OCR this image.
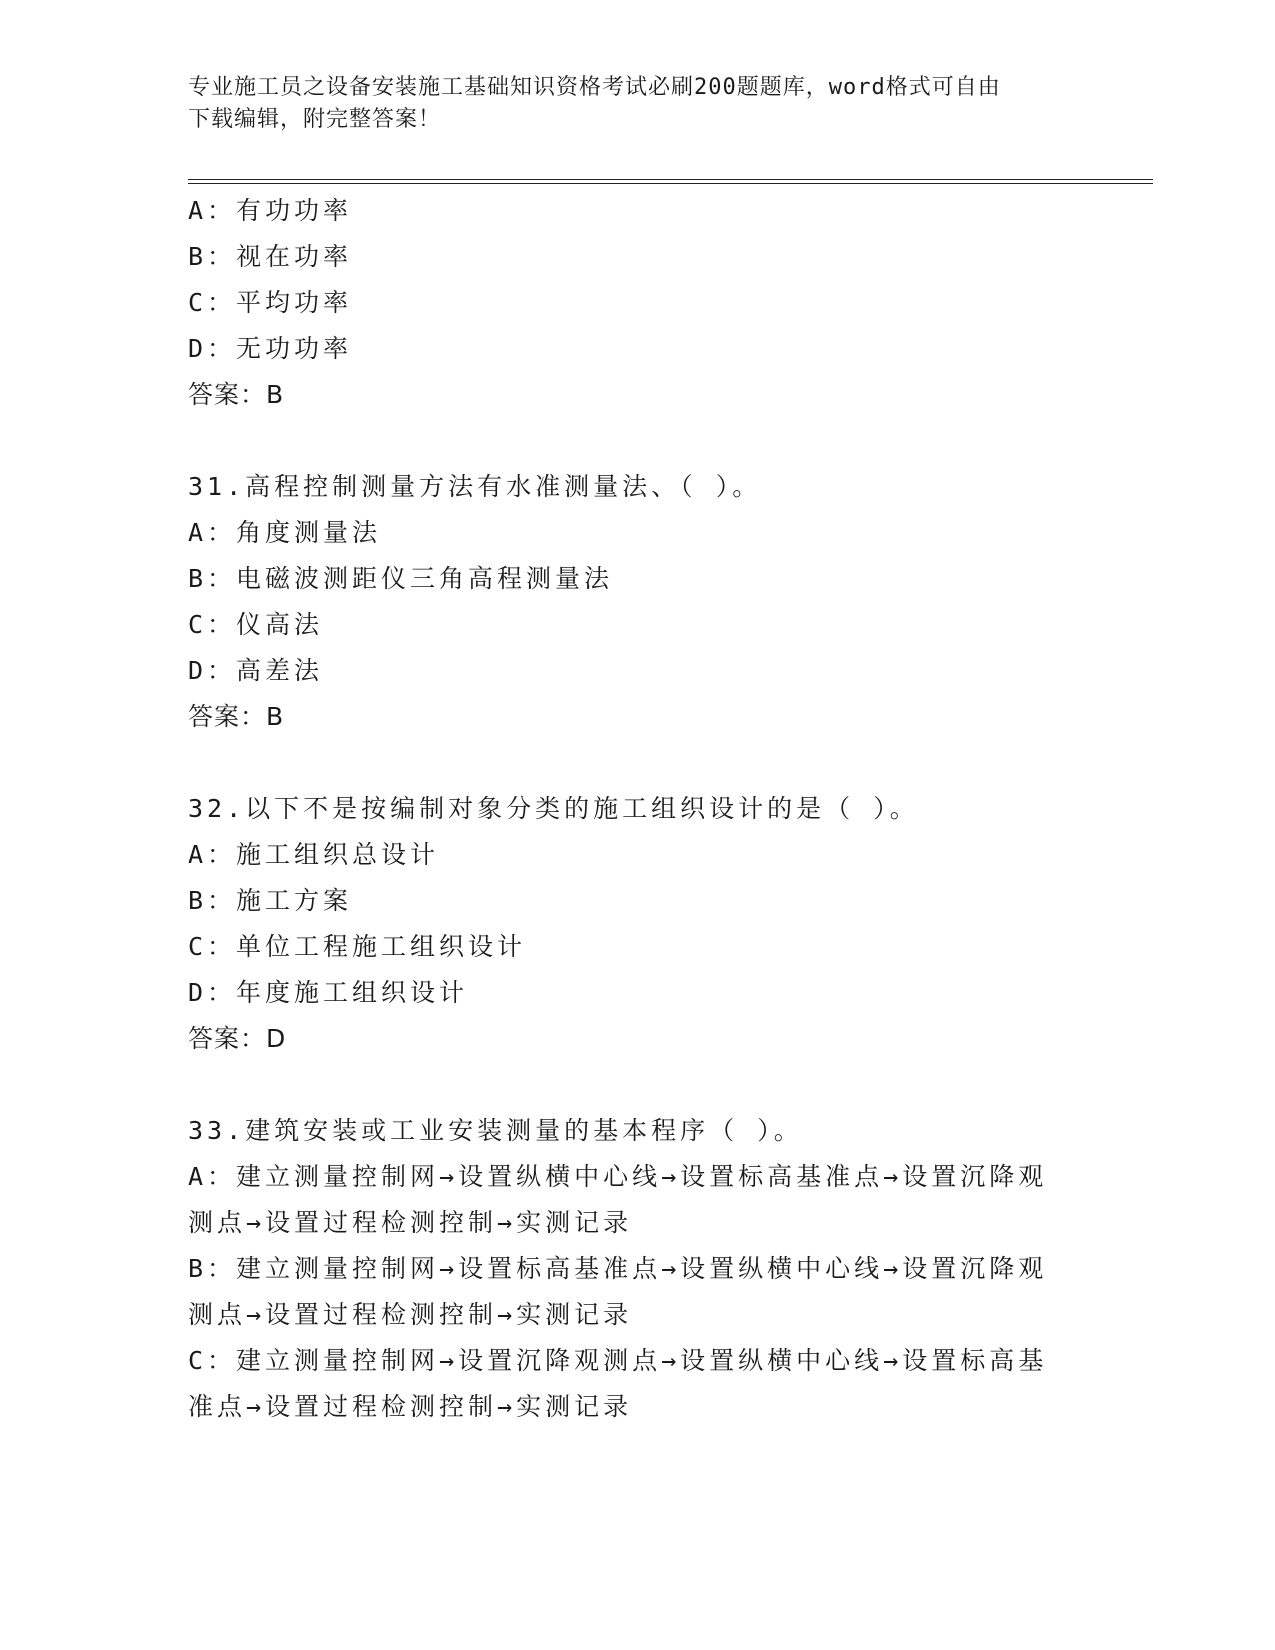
专业施工员之设备安装施工基础知识资格考试必刷200题题库，word格式可自由
下载编辑，附完整答案！
A：有功功率
B：视在功率
C：平均功率
D：无功功率
答案：B
31.高程控制测量方法有水准测量法、（ ）。
A：角度测量法
B：电磁波测距仪三角高程测量法
C：仪高法
D：高差法
答案：B
32.以下不是按编制对象分类的施工组织设计的是（ ）。
A：施工组织总设计
B：施工方案
C：单位工程施工组织设计
D：年度施工组织设计
答案：D
33.建筑安装或工业安装测量的基本程序（ ）。
A：建立测量控制网→设置纵横中心线→设置标高基准点→设置沉降观
测点→设置过程检测控制→实测记录
B：建立测量控制网→设置标高基准点→设置纵横中心线→设置沉降观
测点→设置过程检测控制→实测记录
C：建立测量控制网→设置沉降观测点→设置纵横中心线→设置标高基
准点→设置过程检测控制→实测记录
